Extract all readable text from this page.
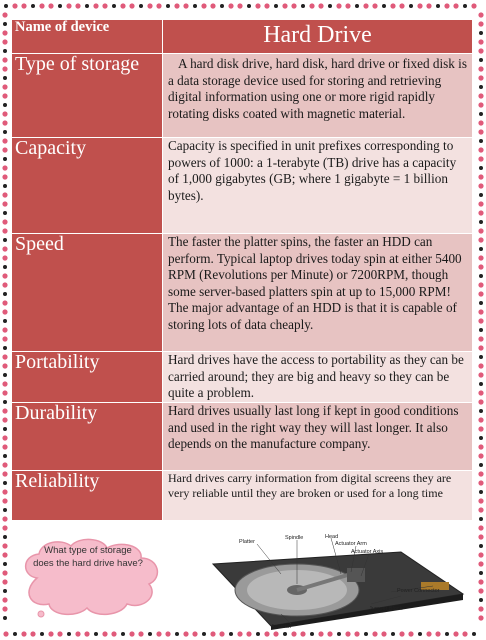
Name of device	Hard Drive

Type of storage	A hard disk drive, hard disk, hard drive or fixed disk is a data storage device used for storing and retrieving digital information using one or more rigid rapidly rotating disks coated with magnetic material.

Capacity	Capacity is specified in unit prefixes corresponding to powers of 1000: a 1-terabyte (TB) drive has a capacity of 1,000 gigabytes (GB; where 1 gigabyte = 1 billion bytes).

Speed	The faster the platter spins, the faster an HDD can perform. Typical laptop drives today spin at either 5400 RPM (Revolutions per Minute) or 7200RPM, though some server-based platters spin at up to 15,000 RPM! The major advantage of an HDD is that it is capable of storing lots of data cheaply.

Portability	Hard drives have the access to portability as they can be carried around; they are big and heavy so they can be quite a problem.

Durability	Hard drives usually last long if kept in good conditions and used in the right way they will last longer. It also depends on the manufacture company.

Reliability	Hard drives carry information from digital screens they are very reliable until they are broken or used for a long time
What type of storage does the hard drive have?
Platter
Spindle	Head
Actuator Arm
Actuator Axis
Power Connector
Jumper Block
Actuator
